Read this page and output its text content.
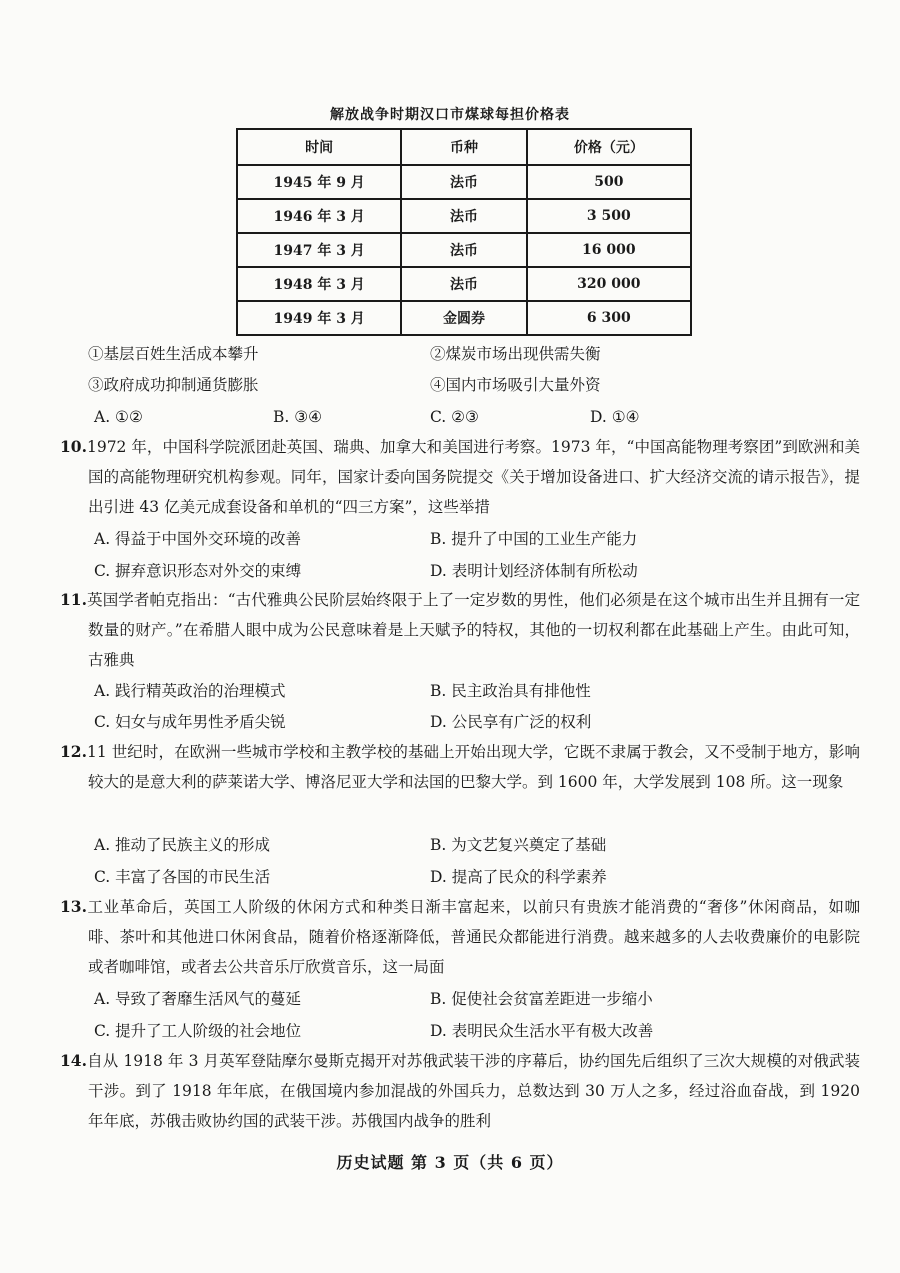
解放战争时期汉口市煤球每担价格表
时间	币种	价格（元）
1945 年 9 月	法币	500
1946 年 3 月	法币	3 500
1947 年 3 月	法币	16 000
1948 年 3 月	法币	320 000
1949 年 3 月	金圆券	6 300
①基层百姓生活成本攀升	②煤炭市场出现供需失衡
③政府成功抑制通货膨胀	④国内市场吸引大量外资
A. ①②	B. ③④	C. ②③	D. ①④
10.1972 年，中国科学院派团赴英国、瑞典、加拿大和美国进行考察。1973 年，“中国高能物理考察团”到欧洲和美国的高能物理研究机构参观。同年，国家计委向国务院提交《关于增加设备进口、扩大经济交流的请示报告》，提出引进 43 亿美元成套设备和单机的“四三方案”，这些举措
A. 得益于中国外交环境的改善	B. 提升了中国的工业生产能力
C. 摒弃意识形态对外交的束缚	D. 表明计划经济体制有所松动
11.英国学者帕克指出：“古代雅典公民阶层始终限于上了一定岁数的男性，他们必须是在这个城市出生并且拥有一定数量的财产。”在希腊人眼中成为公民意味着是上天赋予的特权，其他的一切权利都在此基础上产生。由此可知，古雅典
A. 践行精英政治的治理模式	B. 民主政治具有排他性
C. 妇女与成年男性矛盾尖锐	D. 公民享有广泛的权利
12.11 世纪时，在欧洲一些城市学校和主教学校的基础上开始出现大学，它既不隶属于教会，又不受制于地方，影响较大的是意大利的萨莱诺大学、博洛尼亚大学和法国的巴黎大学。到 1600 年，大学发展到 108 所。这一现象
A. 推动了民族主义的形成	B. 为文艺复兴奠定了基础
C. 丰富了各国的市民生活	D. 提高了民众的科学素养
13.工业革命后，英国工人阶级的休闲方式和种类日渐丰富起来，以前只有贵族才能消费的“奢侈”休闲商品，如咖啡、茶叶和其他进口休闲食品，随着价格逐渐降低，普通民众都能进行消费。越来越多的人去收费廉价的电影院或者咖啡馆，或者去公共音乐厅欣赏音乐，这一局面
A. 导致了奢靡生活风气的蔓延	B. 促使社会贫富差距进一步缩小
C. 提升了工人阶级的社会地位	D. 表明民众生活水平有极大改善
14.自从 1918 年 3 月英军登陆摩尔曼斯克揭开对苏俄武装干涉的序幕后，协约国先后组织了三次大规模的对俄武装干涉。到了 1918 年年底，在俄国境内参加混战的外国兵力，总数达到 30 万人之多，经过浴血奋战，到 1920 年年底，苏俄击败协约国的武装干涉。苏俄国内战争的胜利
历史试题 第 3 页（共 6 页）
